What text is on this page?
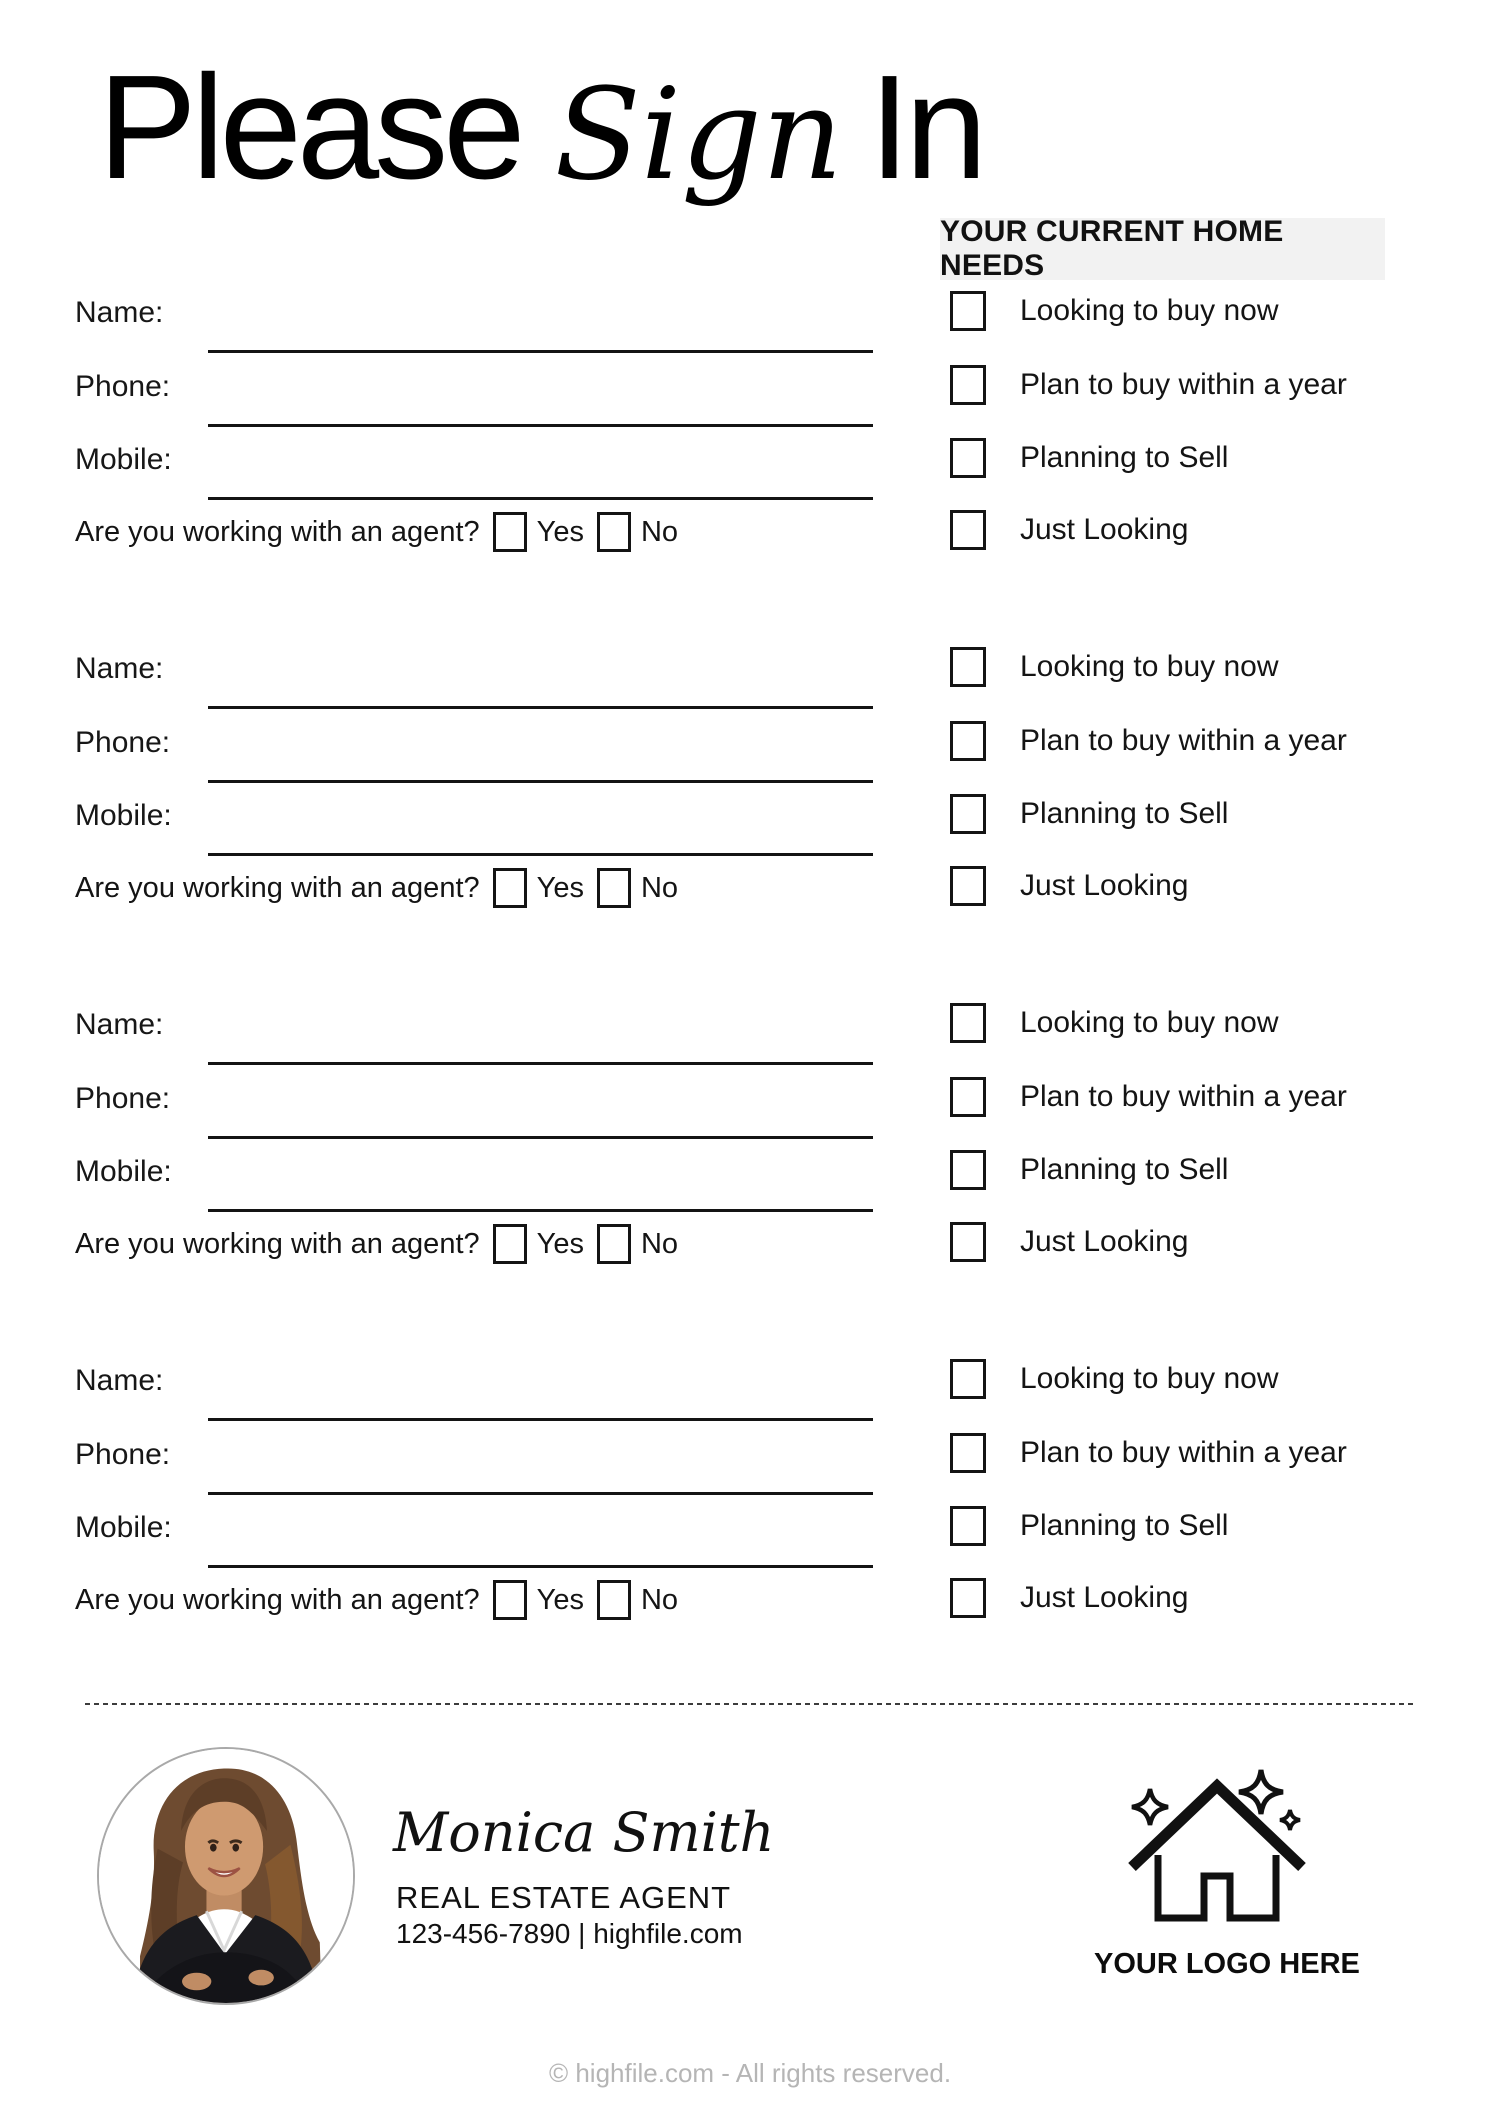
Please Sign In
YOUR CURRENT HOME NEEDS
Name:
Phone:
Mobile:
Are you working with an agent? Yes No
Looking to buy now
Plan to buy within a year
Planning to Sell
Just Looking
Name:
Phone:
Mobile:
Are you working with an agent? Yes No
Looking to buy now
Plan to buy within a year
Planning to Sell
Just Looking
Name:
Phone:
Mobile:
Are you working with an agent? Yes No
Looking to buy now
Plan to buy within a year
Planning to Sell
Just Looking
Name:
Phone:
Mobile:
Are you working with an agent? Yes No
Looking to buy now
Plan to buy within a year
Planning to Sell
Just Looking
Monica Smith
REAL ESTATE AGENT
123-456-7890 | highfile.com
YOUR LOGO HERE
© highfile.com - All rights reserved.
